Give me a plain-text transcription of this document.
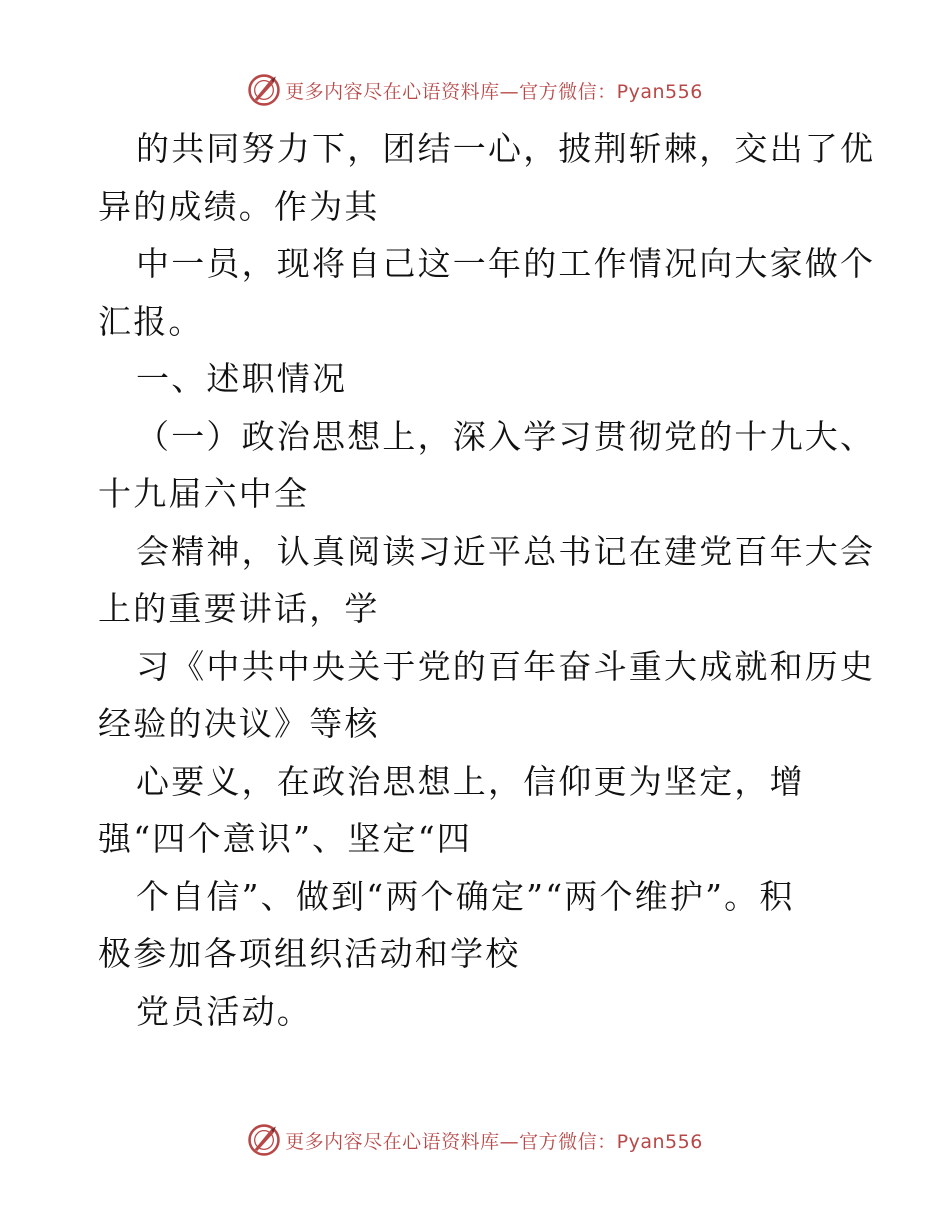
更多内容尽在心语资料库—官方微信：Pyan556

的共同努力下，团结一心，披荆斩棘，交出了优
异的成绩。作为其

中一员，现将自己这一年的工作情况向大家做个
汇报。

一、述职情况

（一）政治思想上，深入学习贯彻党的十九大、
十九届六中全

会精神，认真阅读习近平总书记在建党百年大会
上的重要讲话，学

习《中共中央关于党的百年奋斗重大成就和历史
经验的决议》等核

心要义，在政治思想上，信仰更为坚定，增
强“四个意识”、坚定“四

个自信”、做到“两个确定”“两个维护”。积
极参加各项组织活动和学校

党员活动。

更多内容尽在心语资料库—官方微信：Pyan556
